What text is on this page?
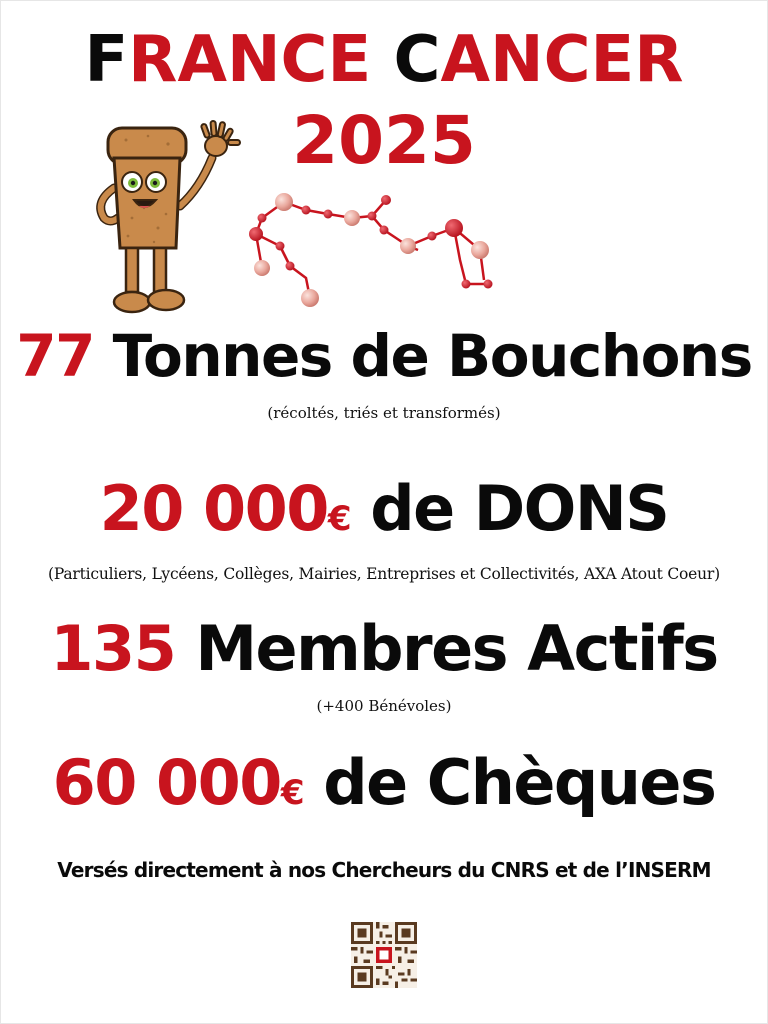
FRANCE CANCER
2025
77 Tonnes de Bouchons
(récoltés, triés et transformés)
20 000€ de DONS
(Particuliers, Lycéens, Collèges, Mairies, Entreprises et Collectivités, AXA Atout Coeur)
135 Membres Actifs
(+400 Bénévoles)
60 000€ de Chèques
Versés directement à nos Chercheurs du CNRS et de l’INSERM
